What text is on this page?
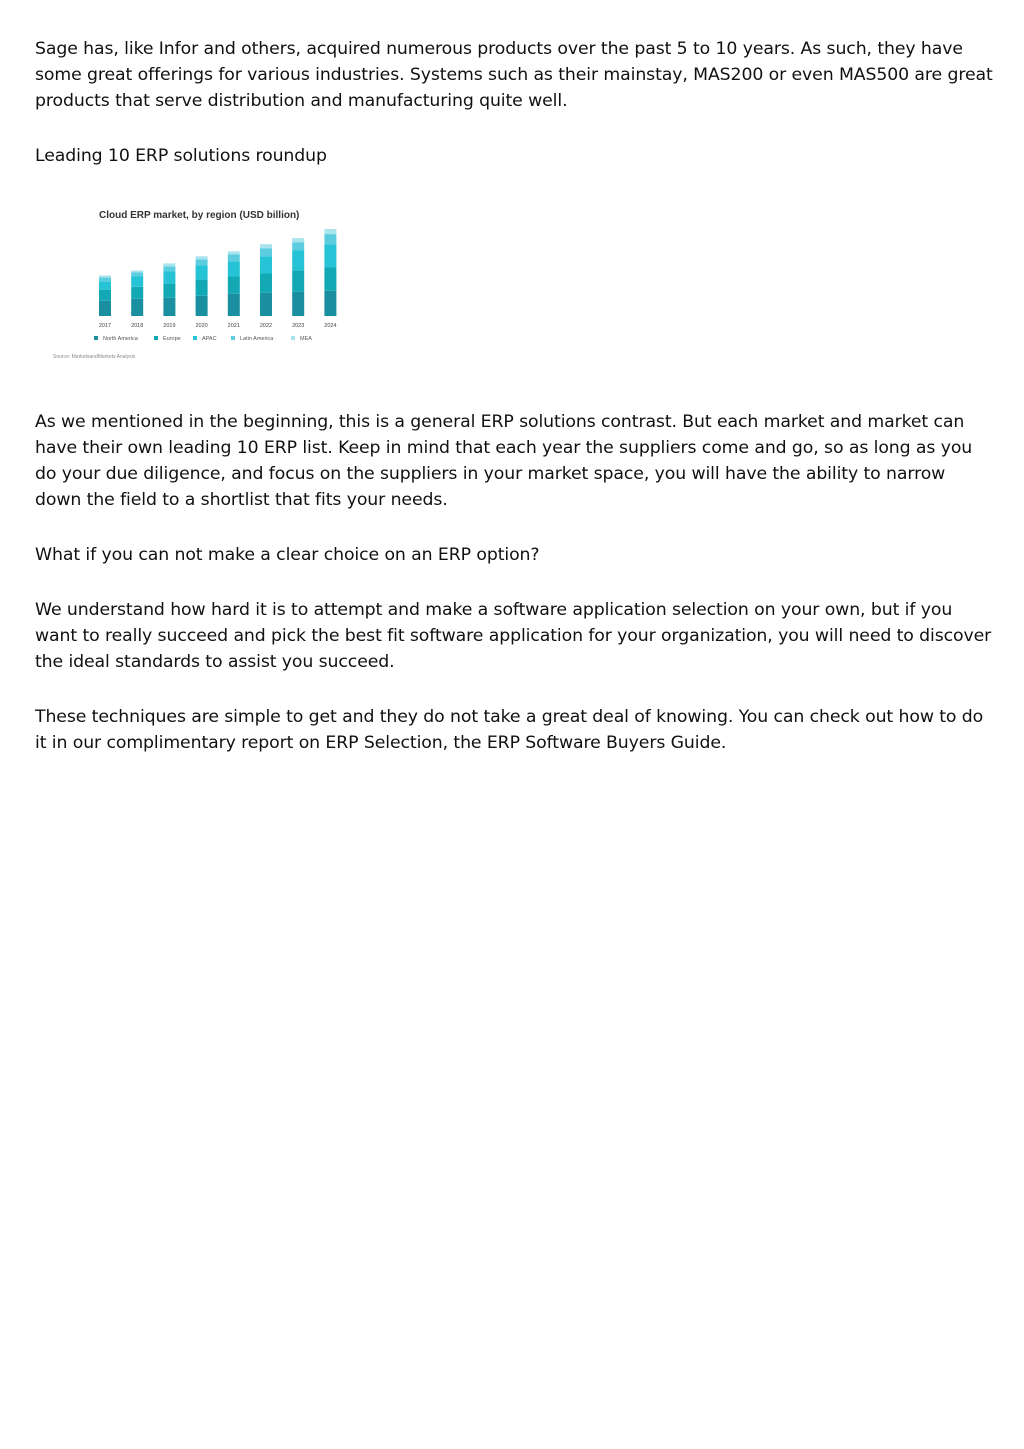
Sage has, like Infor and others, acquired numerous products over the past 5 to 10 years. As such, they have some great offerings for various industries. Systems such as their mainstay, MAS200 or even MAS500 are great products that serve distribution and manufacturing quite well.

Leading 10 ERP solutions roundup

Cloud ERP market, by region (USD billion)
2017	2018	2019	2020	2021	2022	2023	2024
North America	Europe	APAC	Latin America	MEA
Source: MarketsandMarkets Analysis

As we mentioned in the beginning, this is a general ERP solutions contrast. But each market and market can have their own leading 10 ERP list. Keep in mind that each year the suppliers come and go, so as long as you do your due diligence, and focus on the suppliers in your market space, you will have the ability to narrow down the field to a shortlist that fits your needs.

What if you can not make a clear choice on an ERP option?

We understand how hard it is to attempt and make a software application selection on your own, but if you want to really succeed and pick the best fit software application for your organization, you will need to discover the ideal standards to assist you succeed.

These techniques are simple to get and they do not take a great deal of knowing. You can check out how to do it in our complimentary report on ERP Selection, the ERP Software Buyers Guide.
